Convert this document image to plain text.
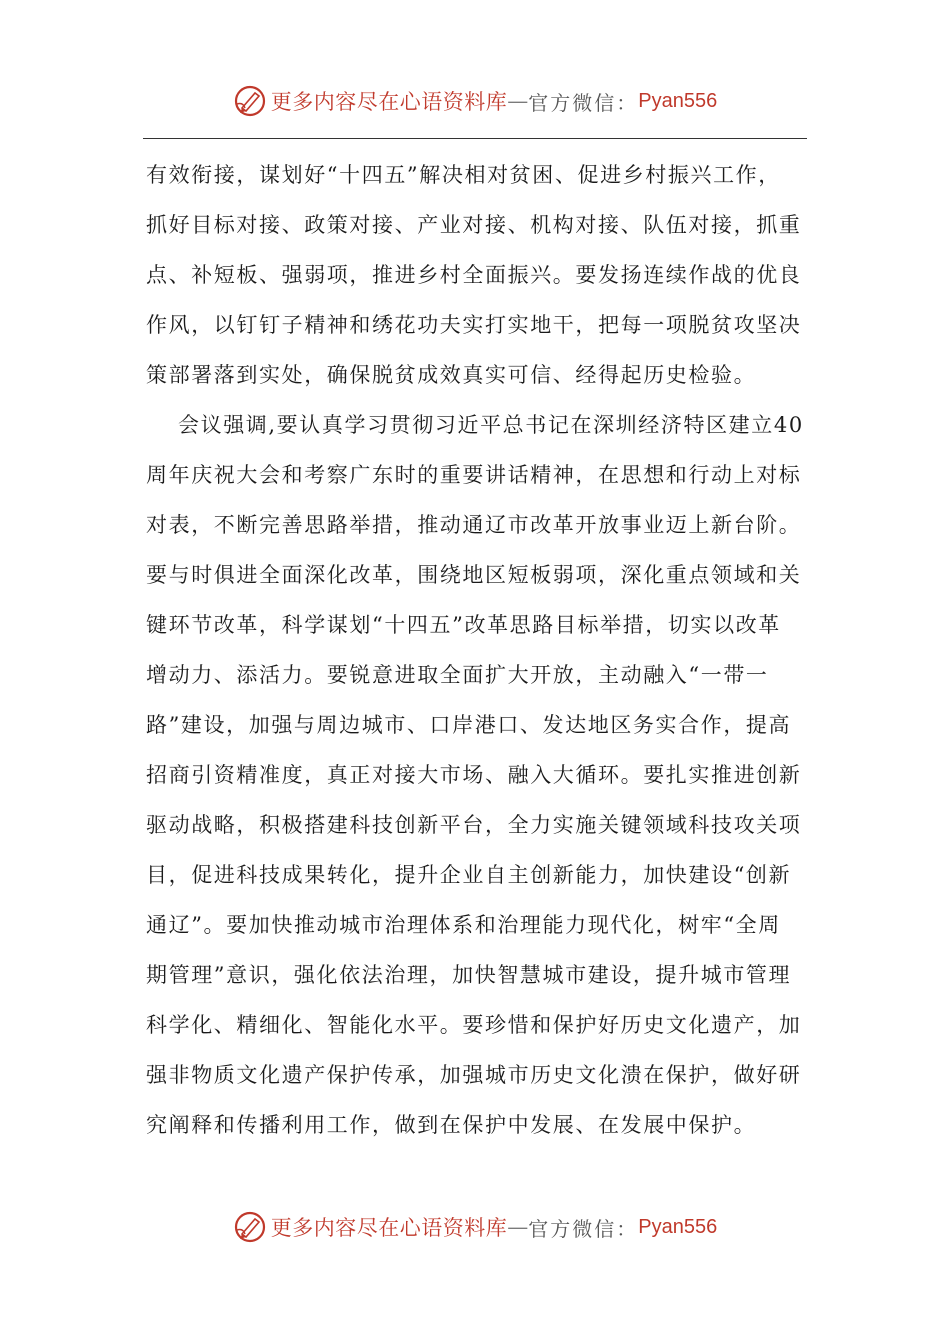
更多内容尽在心语资料库 — 官方微信： Pyan556
有效衔接，谋划好“十四五”解决相对贫困、促进乡村振兴工作，
抓好目标对接、政策对接、产业对接、机构对接、队伍对接，抓重
点、补短板、强弱项，推进乡村全面振兴。要发扬连续作战的优良
作风，以钉钉子精神和绣花功夫实打实地干，把每一项脱贫攻坚决
策部署落到实处，确保脱贫成效真实可信、经得起历史检验。
会议强调,要认真学习贯彻习近平总书记在深圳经济特区建立40
周年庆祝大会和考察广东时的重要讲话精神，在思想和行动上对标
对表，不断完善思路举措，推动通辽市改革开放事业迈上新台阶。
要与时俱进全面深化改革，围绕地区短板弱项，深化重点领域和关
键环节改革，科学谋划“十四五”改革思路目标举措，切实以改革
增动力、添活力。要锐意进取全面扩大开放，主动融入“一带一
路”建设，加强与周边城市、口岸港口、发达地区务实合作，提高
招商引资精准度，真正对接大市场、融入大循环。要扎实推进创新
驱动战略，积极搭建科技创新平台，全力实施关键领域科技攻关项
目，促进科技成果转化，提升企业自主创新能力，加快建设“创新
通辽”。要加快推动城市治理体系和治理能力现代化，树牢“全周
期管理”意识，强化依法治理，加快智慧城市建设，提升城市管理
科学化、精细化、智能化水平。要珍惜和保护好历史文化遗产，加
强非物质文化遗产保护传承，加强城市历史文化溃在保护，做好研
究阐释和传播利用工作，做到在保护中发展、在发展中保护。
更多内容尽在心语资料库 — 官方微信： Pyan556
